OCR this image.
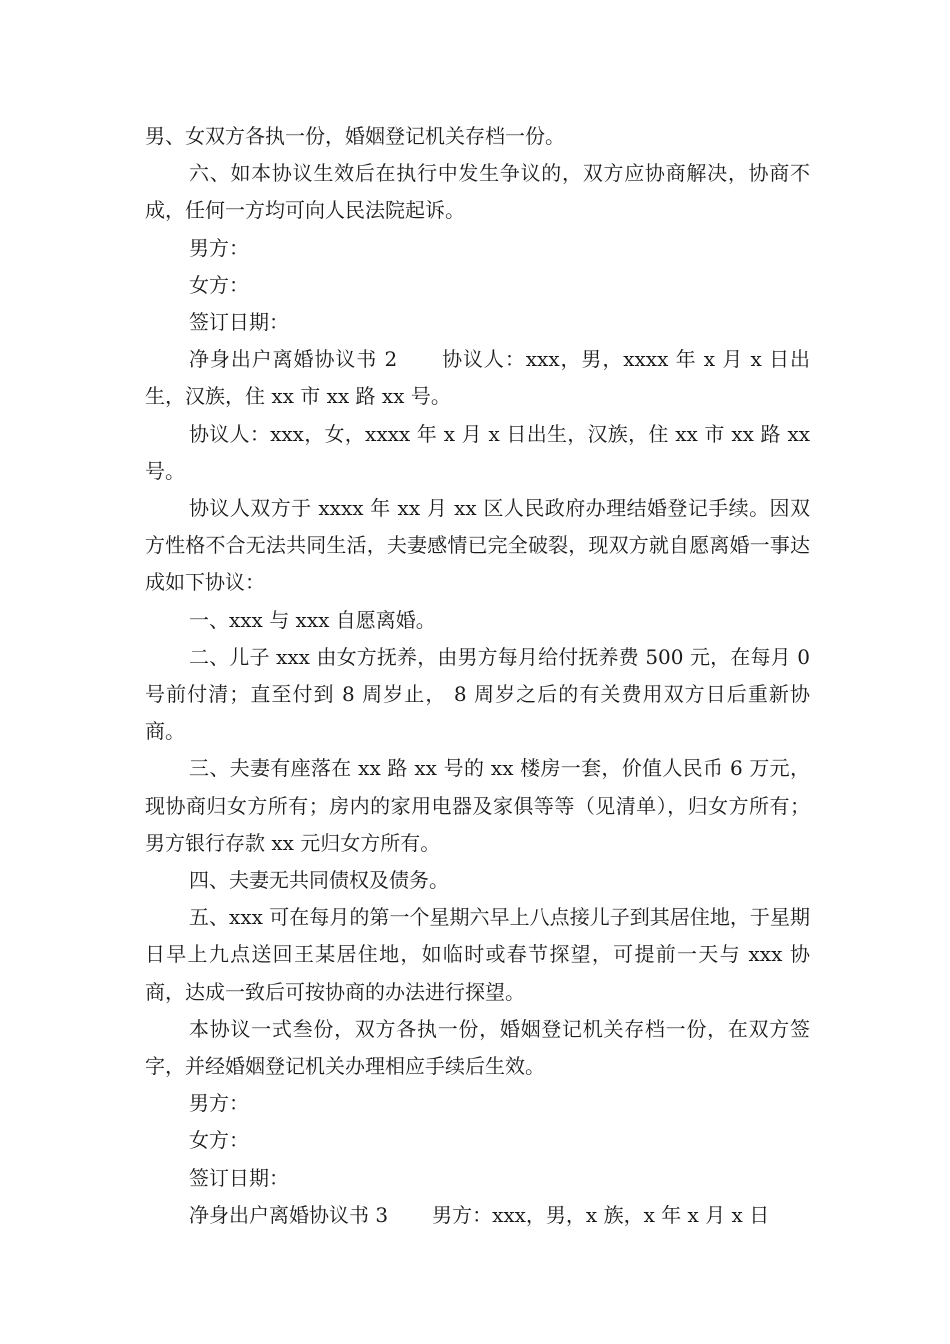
男、女双方各执一份，婚姻登记机关存档一份。

六、如本协议生效后在执行中发生争议的，双方应协商解决，协商不成，任何一方均可向人民法院起诉。

男方：

女方：

签订日期：

净身出户离婚协议书 2 协议人：xxx，男，xxxx 年 x 月 x 日出生，汉族，住 xx 市 xx 路 xx 号。

协议人：xxx，女，xxxx 年 x 月 x 日出生，汉族，住 xx 市 xx 路 xx 号。

协议人双方于 xxxx 年 xx 月 xx 区人民政府办理结婚登记手续。因双方性格不合无法共同生活，夫妻感情已完全破裂，现双方就自愿离婚一事达成如下协议：

一、xxx 与 xxx 自愿离婚。

二、儿子 xxx 由女方抚养，由男方每月给付抚养费 500 元，在每月 0 号前付清；直至付到 8 周岁止， 8 周岁之后的有关费用双方日后重新协商。

三、夫妻有座落在 xx 路 xx 号的 xx 楼房一套，价值人民币 6 万元，现协商归女方所有；房内的家用电器及家俱等等（见清单），归女方所有；男方银行存款 xx 元归女方所有。

四、夫妻无共同债权及债务。

五、xxx 可在每月的第一个星期六早上八点接儿子到其居住地，于星期日早上九点送回王某居住地，如临时或春节探望，可提前一天与 xxx 协商，达成一致后可按协商的办法进行探望。

本协议一式叁份，双方各执一份，婚姻登记机关存档一份，在双方签字，并经婚姻登记机关办理相应手续后生效。

男方：

女方：

签订日期：

净身出户离婚协议书 3 男方：xxx，男，x 族，x 年 x 月 x 日
